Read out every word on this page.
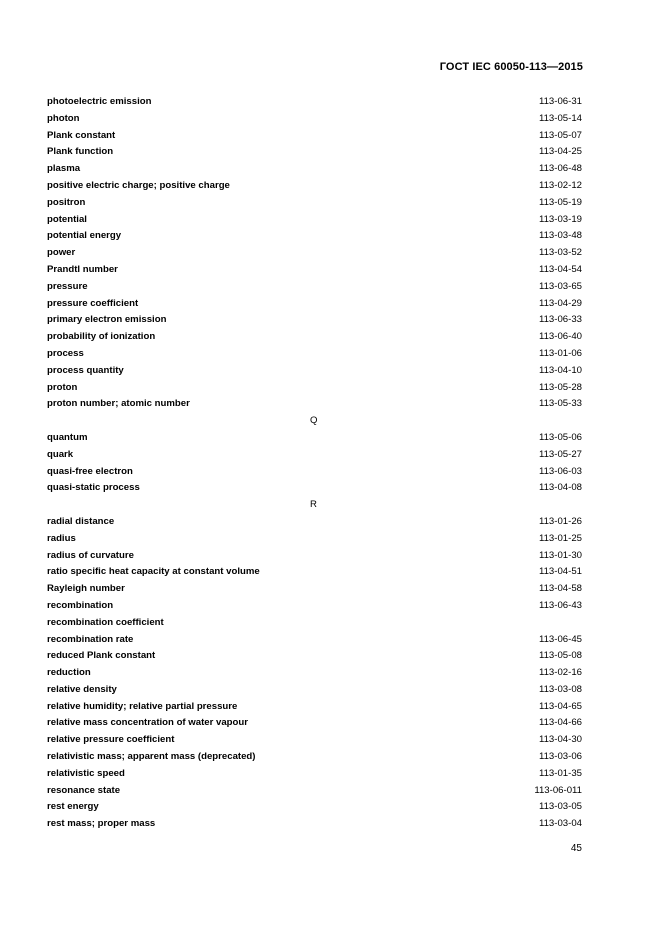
ГОСТ IEC 60050-113—2015
photoelectric emission	113-06-31
photon	113-05-14
Plank constant	113-05-07
Plank function	113-04-25
plasma	113-06-48
positive electric charge; positive charge	113-02-12
positron	113-05-19
potential	113-03-19
potential energy	113-03-48
power	113-03-52
Prandtl number	113-04-54
pressure	113-03-65
pressure coefficient	113-04-29
primary electron emission	113-06-33
probability of ionization	113-06-40
process	113-01-06
process quantity	113-04-10
proton	113-05-28
proton number; atomic number	113-05-33
Q
quantum	113-05-06
quark	113-05-27
quasi-free electron	113-06-03
quasi-static process	113-04-08
R
radial distance	113-01-26
radius	113-01-25
radius of curvature	113-01-30
ratio specific heat capacity at constant volume	113-04-51
Rayleigh number	113-04-58
recombination	113-06-43
recombination coefficient
recombination rate	113-06-45
reduced Plank constant	113-05-08
reduction	113-02-16
relative density	113-03-08
relative humidity; relative partial pressure	113-04-65
relative mass concentration of water vapour	113-04-66
relative pressure coefficient	113-04-30
relativistic mass; apparent mass (deprecated)	113-03-06
relativistic speed	113-01-35
resonance state	113-06-011
rest energy	113-03-05
rest mass; proper mass	113-03-04
45
